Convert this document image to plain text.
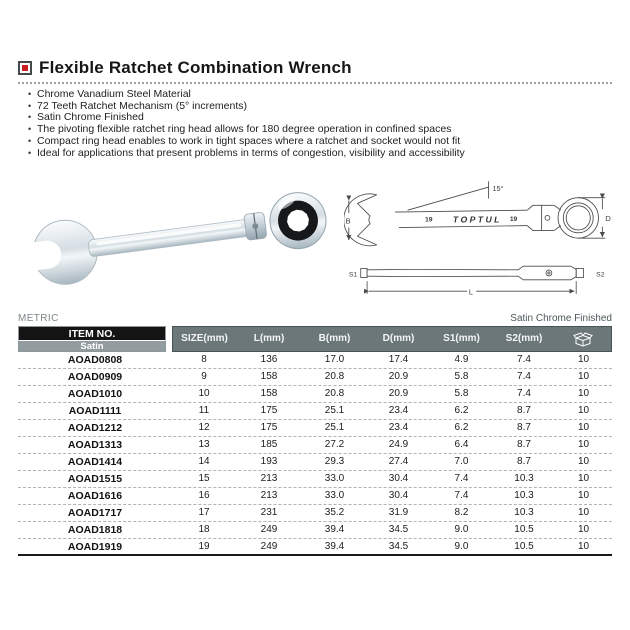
Flexible Ratchet Combination Wrench
• Chrome Vanadium Steel Material
• 72 Teeth Ratchet Mechanism (5° increments)
• Satin Chrome Finished
• The pivoting flexible ratchet ring head allows for 180 degree operation in confined spaces
• Compact ring head enables to work in tight spaces where a ratchet and socket would not fit
• Ideal for applications that present problems in terms of congestion, visibility and accessibility
B
15°
19 TOPTUL 19	D
S1	S2
L
METRIC	Satin Chrome Finished
ITEM NO.
Satin
SIZE(mm)	L(mm)	B(mm)	D(mm)	S1(mm)	S2(mm)
AOAD0808	8	136	17.0	17.4	4.9	7.4	10
AOAD0909	9	158	20.8	20.9	5.8	7.4	10
AOAD1010	10	158	20.8	20.9	5.8	7.4	10
AOAD1111	11	175	25.1	23.4	6.2	8.7	10
AOAD1212	12	175	25.1	23.4	6.2	8.7	10
AOAD1313	13	185	27.2	24.9	6.4	8.7	10
AOAD1414	14	193	29.3	27.4	7.0	8.7	10
AOAD1515	15	213	33.0	30.4	7.4	10.3	10
AOAD1616	16	213	33.0	30.4	7.4	10.3	10
AOAD1717	17	231	35.2	31.9	8.2	10.3	10
AOAD1818	18	249	39.4	34.5	9.0	10.5	10
AOAD1919	19	249	39.4	34.5	9.0	10.5	10
